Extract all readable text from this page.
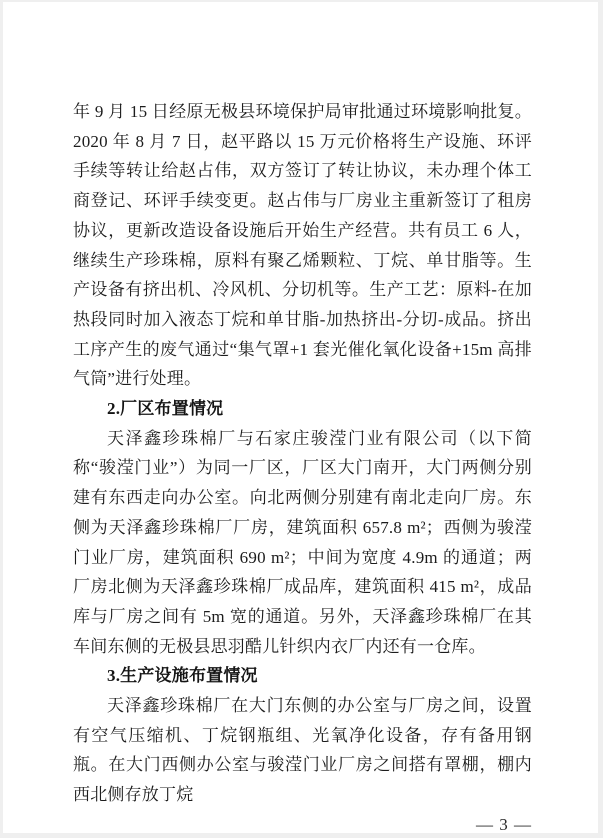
年 9 月 15 日经原无极县环境保护局审批通过环境影响批复。2020 年 8 月 7 日，赵平路以 15 万元价格将生产设施、环评手续等转让给赵占伟，双方签订了转让协议，未办理个体工商登记、环评手续变更。赵占伟与厂房业主重新签订了租房协议，更新改造设备设施后开始生产经营。共有员工 6 人，继续生产珍珠棉，原料有聚乙烯颗粒、丁烷、单甘脂等。生产设备有挤出机、冷风机、分切机等。生产工艺：原料-在加热段同时加入液态丁烷和单甘脂-加热挤出-分切-成品。挤出工序产生的废气通过“集气罩+1 套光催化氧化设备+15m 高排气筒”进行处理。

2.厂区布置情况

天泽鑫珍珠棉厂与石家庄骏滢门业有限公司（以下简称“骏滢门业”）为同一厂区，厂区大门南开，大门两侧分别建有东西走向办公室。向北两侧分别建有南北走向厂房。东侧为天泽鑫珍珠棉厂厂房，建筑面积 657.8 m²；西侧为骏滢门业厂房，建筑面积 690 m²；中间为宽度 4.9m 的通道；两厂房北侧为天泽鑫珍珠棉厂成品库，建筑面积 415 m²，成品库与厂房之间有 5m 宽的通道。另外，天泽鑫珍珠棉厂在其车间东侧的无极县思羽酷儿针织内衣厂内还有一仓库。

3.生产设施布置情况

天泽鑫珍珠棉厂在大门东侧的办公室与厂房之间，设置有空气压缩机、丁烷钢瓶组、光氧净化设备，存有备用钢瓶。在大门西侧办公室与骏滢门业厂房之间搭有罩棚，棚内西北侧存放丁烷

— 3 —
